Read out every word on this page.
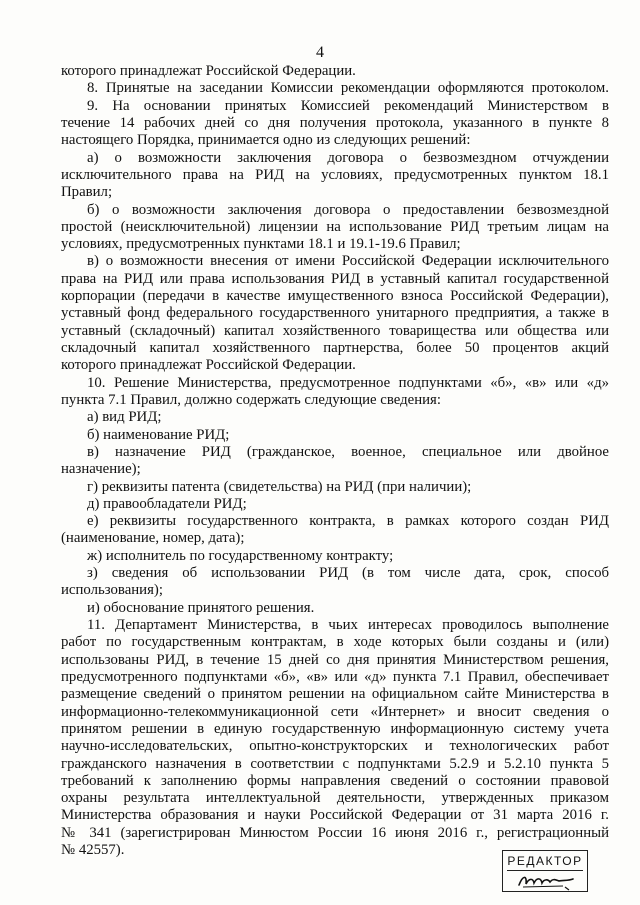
4
которого принадлежат Российской Федерации.
8. Принятые на заседании Комиссии рекомендации оформляются протоколом.
9. На основании принятых Комиссией рекомендаций Министерством в
течение 14 рабочих дней со дня получения протокола, указанного в пункте 8
настоящего Порядка, принимается одно из следующих решений:
а) о возможности заключения договора о безвозмездном отчуждении
исключительного права на РИД на условиях, предусмотренных пунктом 18.1
Правил;
б) о возможности заключения договора о предоставлении безвозмездной
простой (неисключительной) лицензии на использование РИД третьим лицам на
условиях, предусмотренных пунктами 18.1 и 19.1-19.6 Правил;
в) о возможности внесения от имени Российской Федерации исключительного
права на РИД или права использования РИД в уставный капитал государственной
корпорации (передачи в качестве имущественного взноса Российской Федерации),
уставный фонд федерального государственного унитарного предприятия, а также в
уставный (складочный) капитал хозяйственного товарищества или общества или
складочный капитал хозяйственного партнерства, более 50 процентов акций
которого принадлежат Российской Федерации.
10. Решение Министерства, предусмотренное подпунктами «б», «в» или «д»
пункта 7.1 Правил, должно содержать следующие сведения:
а) вид РИД;
б) наименование РИД;
в) назначение РИД (гражданское, военное, специальное или двойное
назначение);
г) реквизиты патента (свидетельства) на РИД (при наличии);
д) правообладатели РИД;
е) реквизиты государственного контракта, в рамках которого создан РИД
(наименование, номер, дата);
ж) исполнитель по государственному контракту;
з) сведения об использовании РИД (в том числе дата, срок, способ
использования);
и) обоснование принятого решения.
11. Департамент Министерства, в чьих интересах проводилось выполнение
работ по государственным контрактам, в ходе которых были созданы и (или)
использованы РИД, в течение 15 дней со дня принятия Министерством решения,
предусмотренного подпунктами «б», «в» или «д» пункта 7.1 Правил, обеспечивает
размещение сведений о принятом решении на официальном сайте Министерства в
информационно-телекоммуникационной сети «Интернет» и вносит сведения о
принятом решении в единую государственную информационную систему учета
научно-исследовательских, опытно-конструкторских и технологических работ
гражданского назначения в соответствии с подпунктами 5.2.9 и 5.2.10 пункта 5
требований к заполнению формы направления сведений о состоянии правовой
охраны результата интеллектуальной деятельности, утвержденных приказом
Министерства образования и науки Российской Федерации от 31 марта 2016 г.
№ 341 (зарегистрирован Минюстом России 16 июня 2016 г., регистрационный
№ 42557).
РЕДАКТОР
